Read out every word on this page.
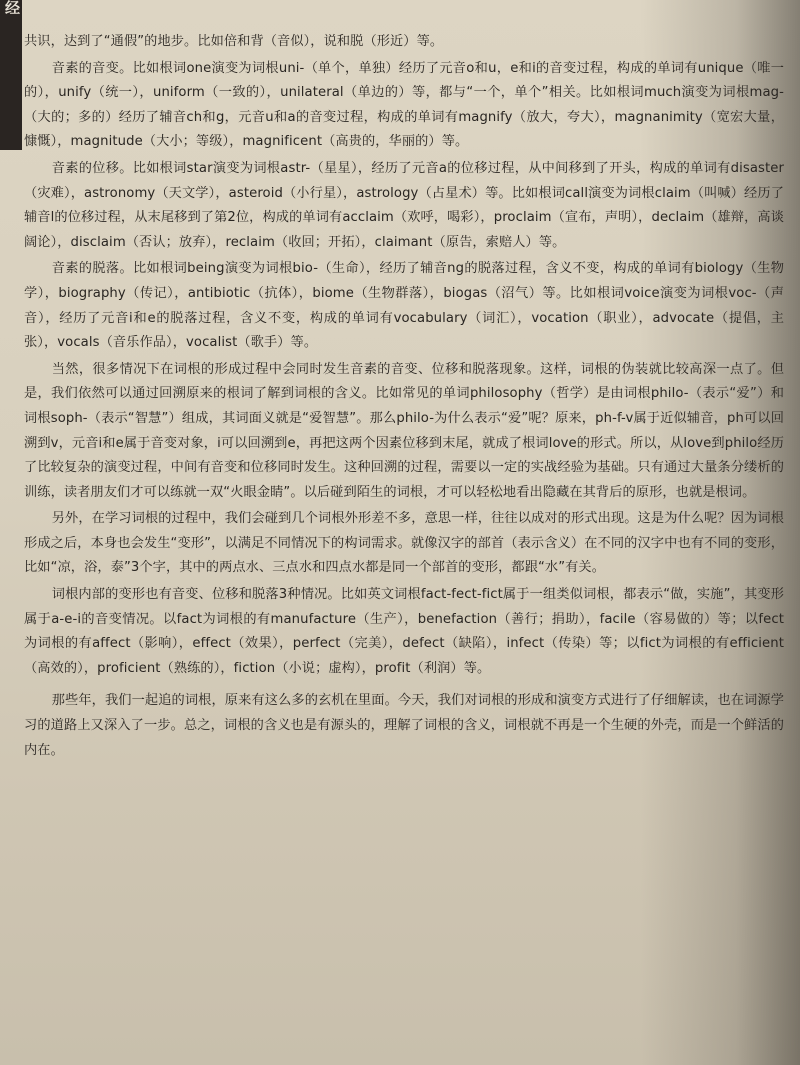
经

共识，达到了“通假”的地步。比如倍和背（音似），说和脱（形近）等。

音素的音变。比如根词one演变为词根uni-（单个，单独）经历了元音o和u，e和i的音变过程，构成的单词有unique（唯一的），unify（统一），uniform（一致的），unilateral（单边的）等，都与“一个，单个”相关。比如根词much演变为词根mag-（大的；多的）经历了辅音ch和g，元音u和a的音变过程，构成的单词有magnify（放大，夸大），magnanimity（宽宏大量，慷慨），magnitude（大小；等级），magnificent（高贵的，华丽的）等。

音素的位移。比如根词star演变为词根astr-（星星），经历了元音a的位移过程，从中间移到了开头，构成的单词有disaster（灾难），astronomy（天文学），asteroid（小行星），astrology（占星术）等。比如根词call演变为词根claim（叫喊）经历了辅音l的位移过程，从末尾移到了第2位，构成的单词有acclaim（欢呼，喝彩），proclaim（宣布，声明），declaim（雄辩，高谈阔论），disclaim（否认；放弃），reclaim（收回；开拓），claimant（原告，索赔人）等。

音素的脱落。比如根词being演变为词根bio-（生命），经历了辅音ng的脱落过程，含义不变，构成的单词有biology（生物学），biography（传记），antibiotic（抗体），biome（生物群落），biogas（沼气）等。比如根词voice演变为词根voc-（声音），经历了元音i和e的脱落过程，含义不变，构成的单词有vocabulary（词汇），vocation（职业），advocate（提倡，主张），vocals（音乐作品），vocalist（歌手）等。

当然，很多情况下在词根的形成过程中会同时发生音素的音变、位移和脱落现象。这样，词根的伪装就比较高深一点了。但是，我们依然可以通过回溯原来的根词了解到词根的含义。比如常见的单词philosophy（哲学）是由词根philo-（表示“爱”）和词根soph-（表示“智慧”）组成，其词面义就是“爱智慧”。那么philo-为什么表示“爱”呢？原来，ph-f-v属于近似辅音，ph可以回溯到v，元音i和e属于音变对象，i可以回溯到e，再把这两个因素位移到末尾，就成了根词love的形式。所以，从love到philo经历了比较复杂的演变过程，中间有音变和位移同时发生。这种回溯的过程，需要以一定的实战经验为基础。只有通过大量条分缕析的训练，读者朋友们才可以练就一双“火眼金睛”。以后碰到陌生的词根，才可以轻松地看出隐藏在其背后的原形，也就是根词。

另外，在学习词根的过程中，我们会碰到几个词根外形差不多，意思一样，往往以成对的形式出现。这是为什么呢？因为词根形成之后，本身也会发生“变形”，以满足不同情况下的构词需求。就像汉字的部首（表示含义）在不同的汉字中也有不同的变形，比如“凉，浴，泰”3个字，其中的两点水、三点水和四点水都是同一个部首的变形，都跟“水”有关。

词根内部的变形也有音变、位移和脱落3种情况。比如英文词根fact-fect-fict属于一组类似词根，都表示“做，实施”，其变形属于a-e-i的音变情况。以fact为词根的有manufacture（生产），benefaction（善行；捐助），facile（容易做的）等；以fect为词根的有affect（影响），effect（效果），perfect（完美），defect（缺陷），infect（传染）等；以fict为词根的有efficient（高效的），proficient（熟练的），fiction（小说；虚构），profit（利润）等。

那些年，我们一起追的词根，原来有这么多的玄机在里面。今天，我们对词根的形成和演变方式进行了仔细解读，也在词源学习的道路上又深入了一步。总之，词根的含义也是有源头的，理解了词根的含义，词根就不再是一个生硬的外壳，而是一个鲜活的内在。
